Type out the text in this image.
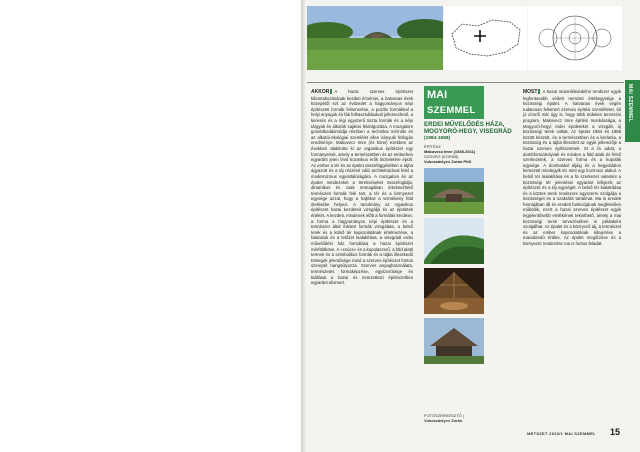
MAI SZEMMEL
AKKOR A hazai szerves építészet kibontakozásának kezdeti érzelmei, a hatvanas évek közepétől ezt az évtizedet a hagyományos népi építészeti formák felismerése, a pozitív formákkal a helyi anyagok és fák felhasználásával jellemezhető, a keresés és a régi egyszerű tiszta formák és a népi tárgyak és alkotók sajátos feldolgozása. A mozgalom gondolkodásmódja részben a technikai mérnöki és az alkotói-ökológiai szemlélet ellen irányuló felfogás eredménye. Makovecz Imre (és körei) ezekben az években alakította ki az organikus építészet egy formanyelvét, amely a természetben és az emberben egyaránt jelen lévő kozmikus erők tiszteletére épült. Az ember a tér és az épület összefüggésében a tájba ágyazott és a táj részévé váló architektúrával felel a modernizmus egyoldalúságára. A mozgalom és az épület mindezeket a törekvéseket összefoglalja, dinamikus és csak önmagában értelmezhető természeti formák felé tart, a tér és a környezet egysége azzal, hogy a hajlékot a termékeny föld ölelésébe helyezi. A tanulmány az organikus építészet hazai kezdeteit vizsgálja és az épületek értékét. A kezdeti, mindenek előtt a formálás kérdése, a forma a hagyományos népi építészet és a természet által ihletett formák vizsgálata, a belső terek és a külső tér kapcsolatának értelmezése, a falazatok és a tetőzet kialakítása, a visegrádi erdei művelődési ház formálása a hazai építészet mérföldköve. A «csúcs» és a kupolaszerű, a föld alatti termek és a szimbolikus formák és a tájba illeszkedő tömegek jelentősége mind a szerves építészet fontos szerepét hangsúlyozza. Szerves anyaghasználata, természetes formaképzése, egyszerűsége és kiállásai a hazai és nemzetközi építészetben egyaránt elismert.
MAI
SZEMMEL
ERDEI MŰVELŐDÉS HÁZA, MOGYORÓ-HEGY, VISEGRÁD
(1984-1988)
ÉPÍTÉSZ
Makovecz Imre (1935-2011)
SZÖVEG (KORÁB)
Vukoszávlyev Zorán PhD
FOTÓSZERKESZTŐ |
Vukoszávlyev Zorán
MOST A hazai múemlékvédelmi rendszer egyik legfontosabb védett nemzeti értékegysége a közösségi épület. A hatvanas évek végén tudatosan felismert szerves építési szemléletet, túl jó címről már úgy is, hogy több érdekes tervezési program, Makovecz Imre építési munkássága, a Mogyoró-hegyi erdei épületeket a vizsgált, új közösségi terek voltak. Az épület 1984 és 1988 között készült, és a természetben és a kerámia, a közösség és a tájba illesztett az egyik jellemzője a hazai szerves építészetnek. Itt a fa adott, a dombformaholyvak és minden a föld alatti és felső szerkezetek, a szerves forma és a kupolák egysége. A domboldal aljáig és a hegyoldalon keresztül mindegyik tér mint egy kozmosz alakul. A belső tér kialakítása és a fa szerkezet valamint a közösségi tér jelentései egyaránt kifejezik az építészet és a táj egységét. A belső tér kialakítása és a köztes terek rendszere egyszerre szolgálja a közösséget és a szakrális tartalmat. Ma is eredeti formájában áll és eredeti funkciójának megfelelően működik, ezért a hazai szerves építészet egyik legjelentősebb emlékének tekinthető, amely a mai közösségi terek tervezésében is példaként szolgálhat. Az épület és a környező táj, a természet és az ember kapcsolatának kifejezése a maradandó értéke. Az épület megőrzése és a környezet rendezése ma is fontos feladat.
METSZET 2023/1 MAI SZEMMEL 15
